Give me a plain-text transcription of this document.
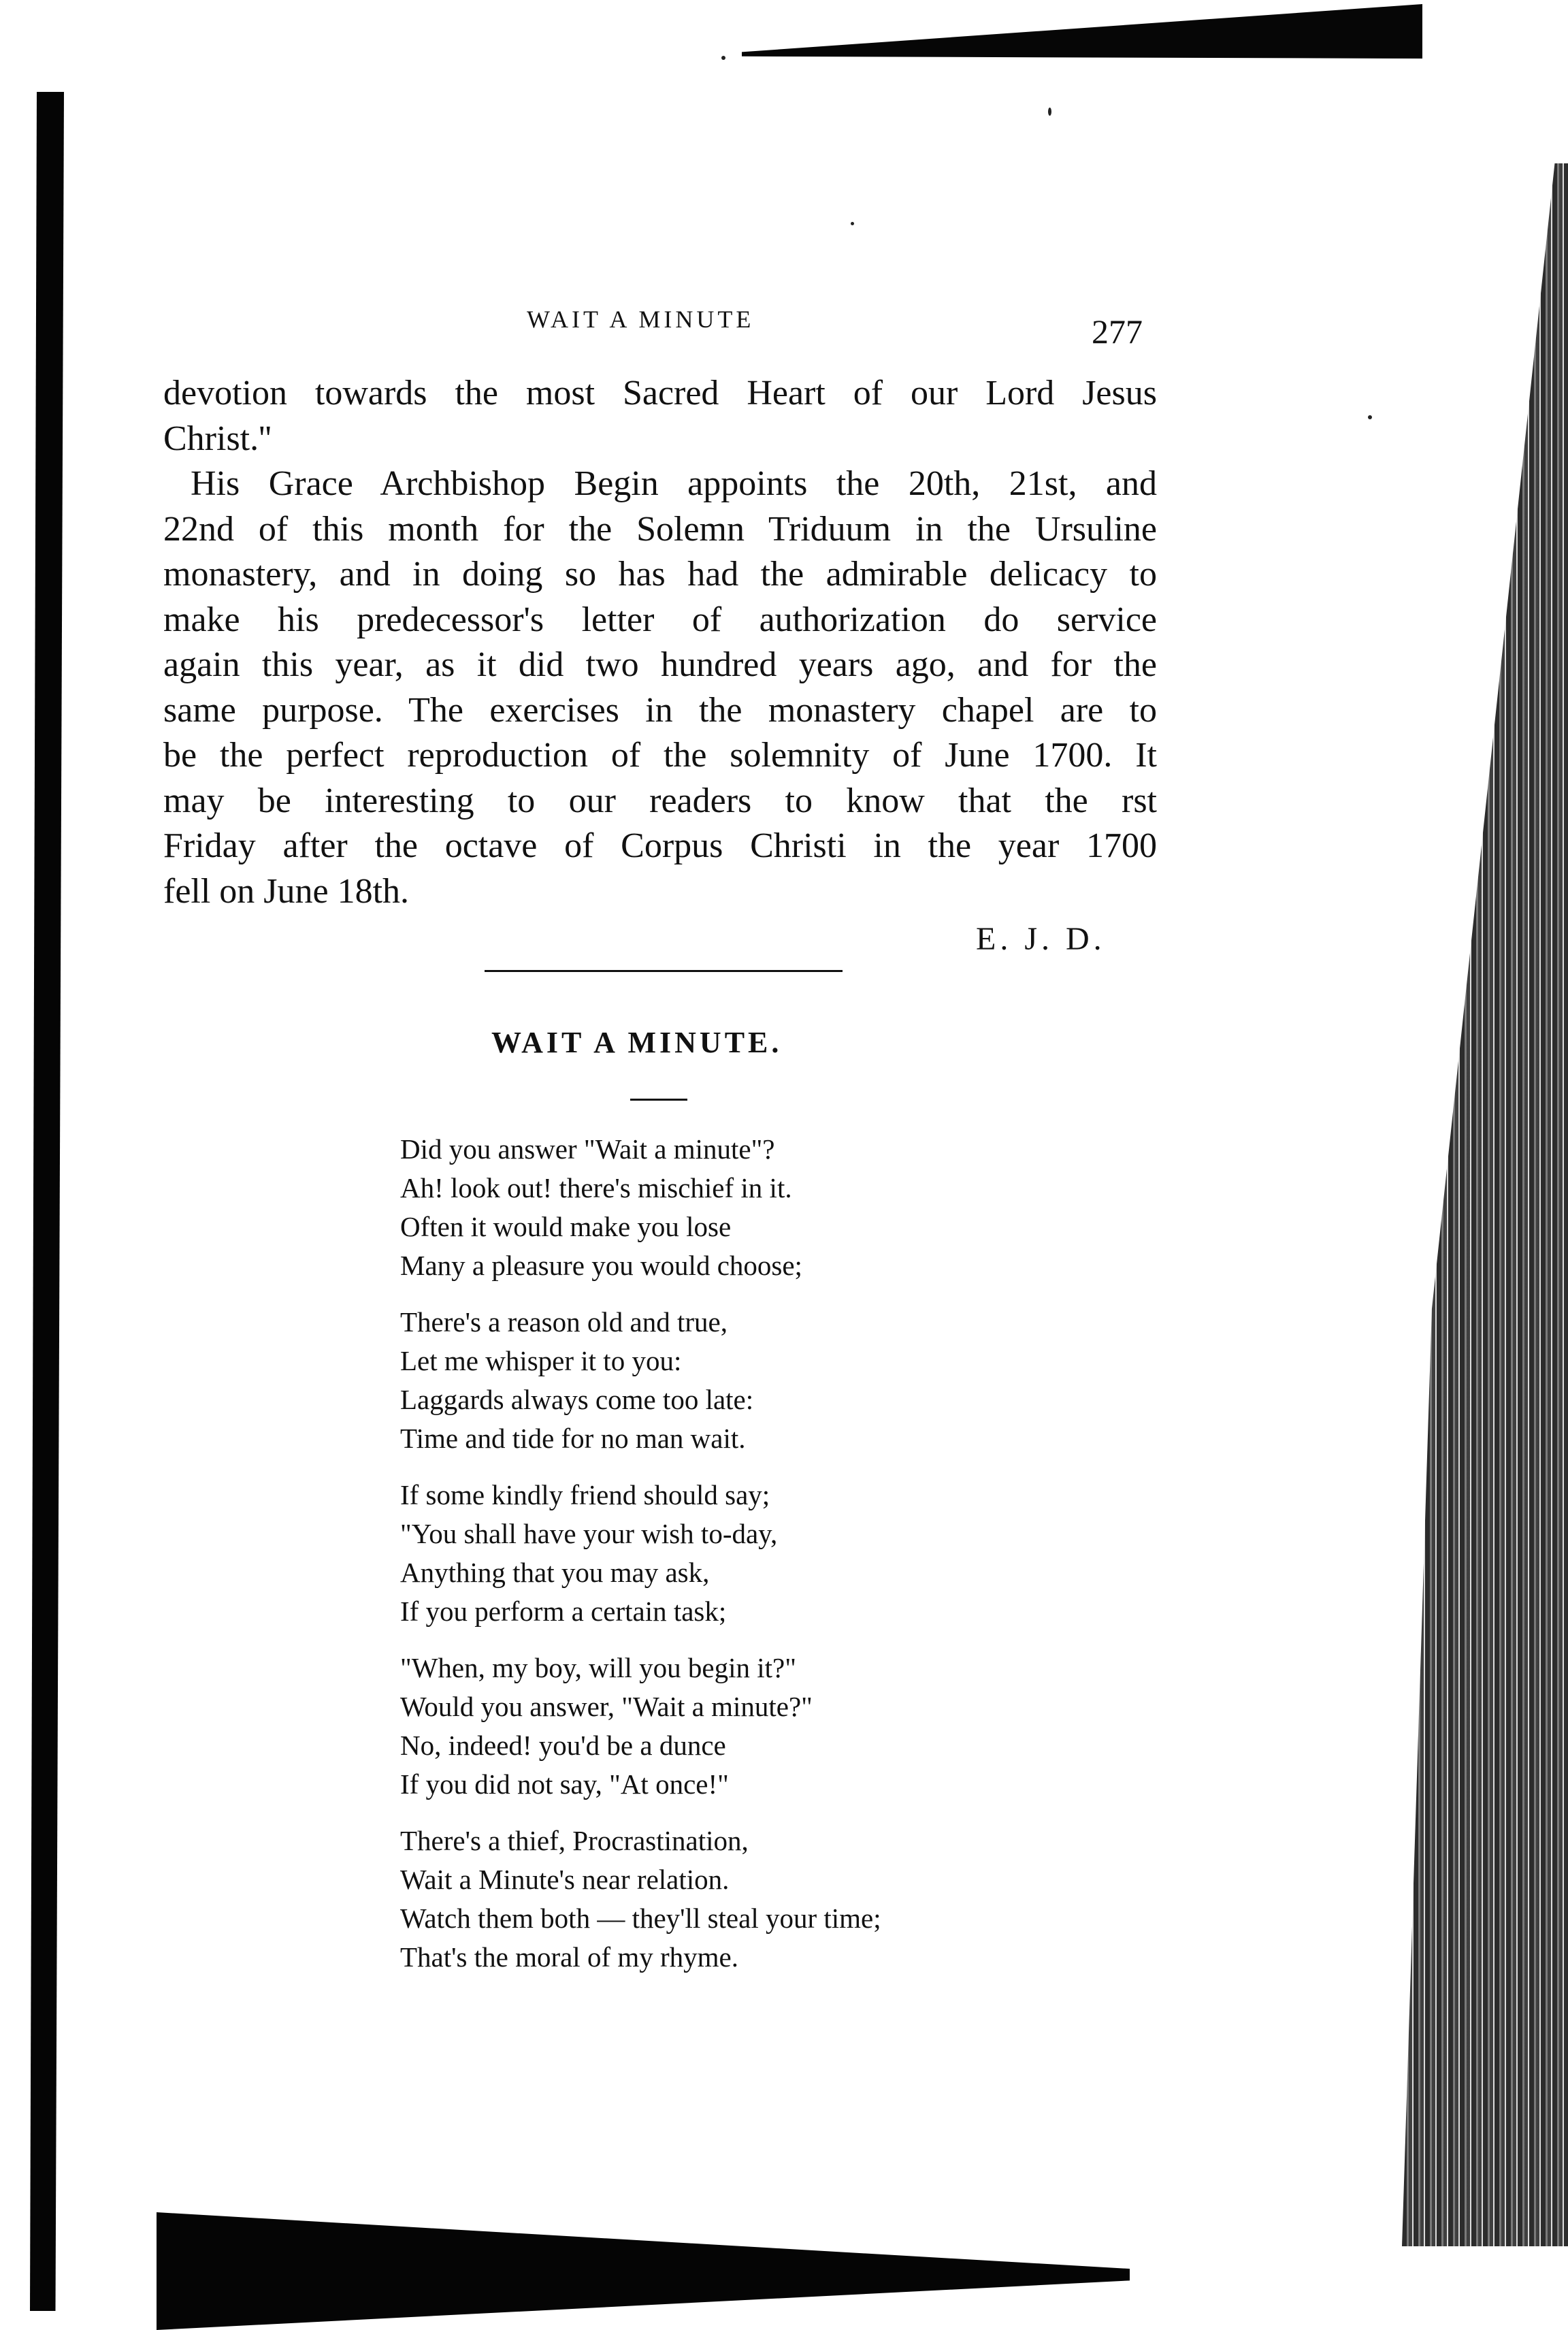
WAIT A MINUTE	277
devotion towards the most Sacred Heart of our Lord Jesus
Christ.''
His Grace Archbishop Begin appoints the 20th, 21st, and
22nd of this month for the Solemn Triduum in the Ursuline
monastery, and in doing so has had the admirable delicacy to
make his predecessor's letter of authorization do service
again this year, as it did two hundred years ago, and for the
same purpose. The exercises in the monastery chapel are to
be the perfect reproduction of the solemnity of June 1700. It
may be interesting to our readers to know that the rst
Friday after the octave of Corpus Christi in the year 1700
fell on June 18th.
E. J. D.
WAIT A MINUTE.
Did you answer "Wait a minute"?
Ah! look out! there's mischief in it.
Often it would make you lose
Many a pleasure you would choose;
There's a reason old and true,
Let me whisper it to you:
Laggards always come too late:
Time and tide for no man wait.
If some kindly friend should say;
"You shall have your wish to-day,
Anything that you may ask,
If you perform a certain task;
"When, my boy, will you begin it?"
Would you answer, "Wait a minute?"
No, indeed! you'd be a dunce
If you did not say, "At once!"
There's a thief, Procrastination,
Wait a Minute's near relation.
Watch them both — they'll steal your time;
That's the moral of my rhyme.
